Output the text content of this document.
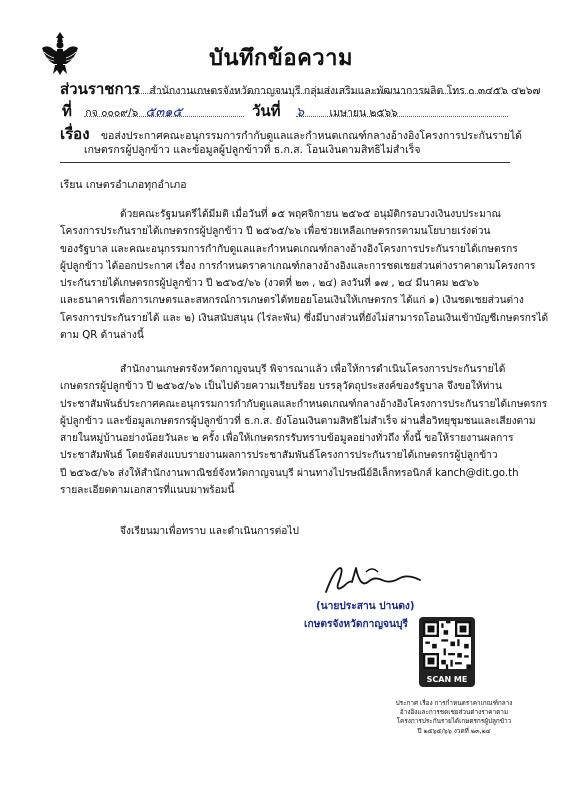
บันทึกข้อความ
ส่วนราชการ สำนักงานเกษตรจังหวัดกาญจนบุรี กลุ่มส่งเสริมและพัฒนาการผลิต โทร ๐ ๓๔๕๖ ๔๒๖๗
ที่ กจ ๐๐๐๙/๖ ๕๓๑๕	วันที่ ๖ เมษายน ๒๕๖๖
เรื่อง ขอส่งประกาศคณะอนุกรรมการกำกับดูแลและกำหนดเกณฑ์กลางอ้างอิงโครงการประกันรายได้
เกษตรกรผู้ปลูกข้าว และข้อมูลผู้ปลูกข้าวที่ ธ.ก.ส. โอนเงินตามสิทธิไม่สำเร็จ
เรียน เกษตรอำเภอทุกอำเภอ
ด้วยคณะรัฐมนตรีได้มีมติ เมื่อวันที่ ๑๕ พฤศจิกายน ๒๕๖๕ อนุมัติกรอบวงเงินงบประมาณ
โครงการประกันรายได้เกษตรกรผู้ปลูกข้าว ปี ๒๕๖๕/๖๖ เพื่อช่วยเหลือเกษตรกรตามนโยบายเร่งด่วน
ของรัฐบาล และคณะอนุกรรมการกำกับดูแลและกำหนดเกณฑ์กลางอ้างอิงโครงการประกันรายได้เกษตรกร
ผู้ปลูกข้าว ได้ออกประกาศ เรื่อง การกำหนดราคาเกณฑ์กลางอ้างอิงและการชดเชยส่วนต่างราคาตามโครงการ
ประกันรายได้เกษตรกรผู้ปลูกข้าว ปี ๒๕๖๕/๖๖ (งวดที่ ๒๓ , ๒๔) ลงวันที่ ๑๗ , ๒๔ มีนาคม ๒๕๖๖
และธนาคารเพื่อการเกษตรและสหกรณ์การเกษตรได้ทยอยโอนเงินให้เกษตรกร ได้แก่ ๑) เงินชดเชยส่วนต่าง
โครงการประกันรายได้ และ ๒) เงินสนับสนุน (ไร่ละพัน) ซึ่งมีบางส่วนที่ยังไม่สามารถโอนเงินเข้าบัญชีเกษตรกรได้
ตาม QR ด้านล่างนี้
สำนักงานเกษตรจังหวัดกาญจนบุรี พิจารณาแล้ว เพื่อให้การดำเนินโครงการประกันรายได้
เกษตรกรผู้ปลูกข้าว ปี ๒๕๖๕/๖๖ เป็นไปด้วยความเรียบร้อย บรรลุวัตถุประสงค์ของรัฐบาล จึงขอให้ท่าน
ประชาสัมพันธ์ประกาศคณะอนุกรรมการกำกับดูแลและกำหนดเกณฑ์กลางอ้างอิงโครงการประกันรายได้เกษตรกร
ผู้ปลูกข้าว และข้อมูลเกษตรกรผู้ปลูกข้าวที่ ธ.ก.ส. ยังโอนเงินตามสิทธิไม่สำเร็จ ผ่านสื่อวิทยุชุมชนและเสียงตาม
สายในหมู่บ้านอย่างน้อยวันละ ๒ ครั้ง เพื่อให้เกษตรกรรับทราบข้อมูลอย่างทั่วถึง ทั้งนี้ ขอให้รายงานผลการ
ประชาสัมพันธ์ โดยจัดส่งแบบรายงานผลการประชาสัมพันธ์โครงการประกันรายได้เกษตรกรผู้ปลูกข้าว
ปี ๒๕๖๕/๖๖ ส่งให้สำนักงานพาณิชย์จังหวัดกาญจนบุรี ผ่านทางไปรษณีย์อิเล็กทรอนิกส์ kanch@dit.go.th
รายละเอียดตามเอกสารที่แนบมาพร้อมนี้
จึงเรียนมาเพื่อทราบ และดำเนินการต่อไป
(นายประสาน ปานดง)
เกษตรจังหวัดกาญจนบุรี
SCAN ME
ประกาศ เรื่อง การกำหนดราคาเกณฑ์กลาง
อ้างอิงและการชดเชยส่วนต่างราคาตาม
โครงการประกันรายได้เกษตรกรผู้ปลูกข้าว
ปี ๒๕๖๕/๖๖ งวดที่ ๒๓,๒๔
